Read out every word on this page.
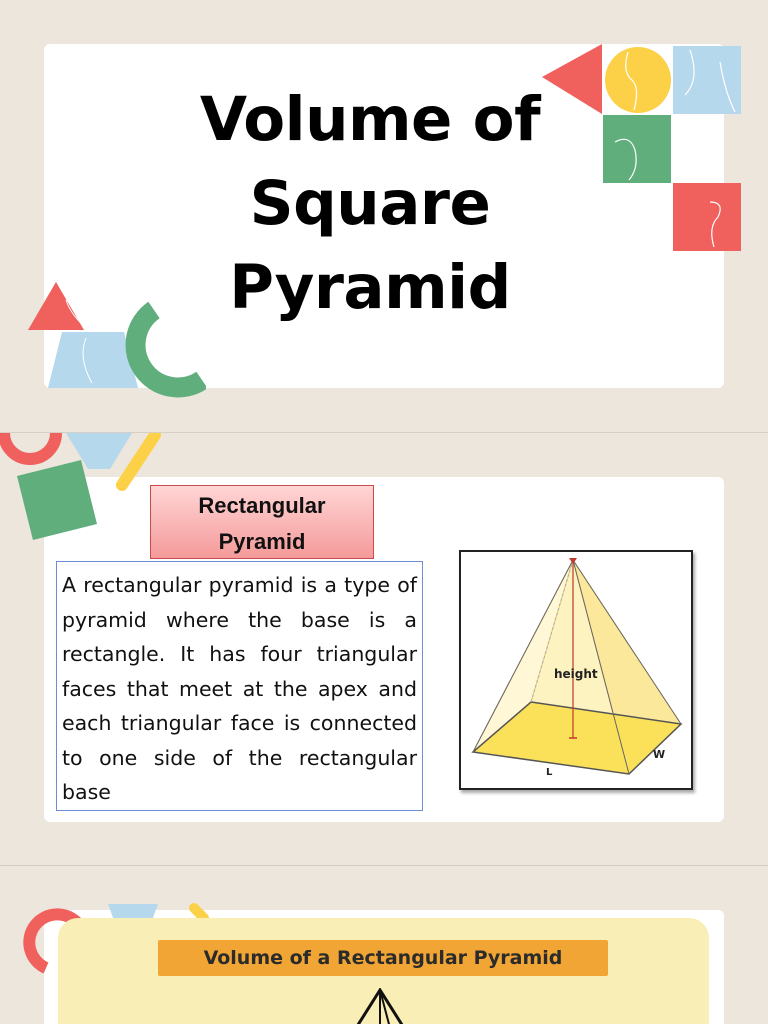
Volume of
Square
Pyramid
Rectangular
Pyramid
A rectangular pyramid is a type of pyramid where the base is a rectangle. It has four triangular faces that meet at the apex and each triangular face is connected to one side of the rectangular base
height
L
W
Volume of a Rectangular Pyramid
